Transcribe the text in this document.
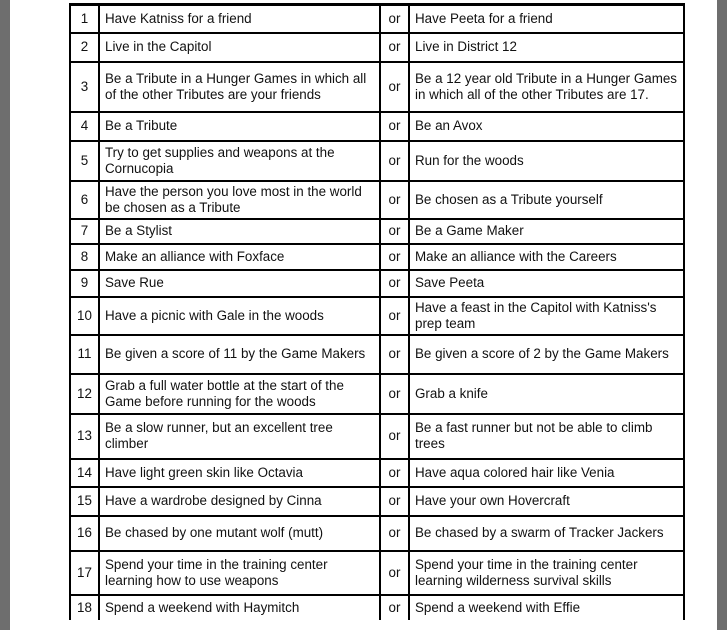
1	Have Katniss for a friend	or	Have Peeta for a friend
2	Live in the Capitol	or	Live in District 12
3	Be a Tribute in a Hunger Games in which all of the other Tributes are your friends	or	Be a 12 year old Tribute in a Hunger Games in which all of the other Tributes are 17.
4	Be a Tribute	or	Be an Avox
5	Try to get supplies and weapons at the Cornucopia	or	Run for the woods
6	Have the person you love most in the world be chosen as a Tribute	or	Be chosen as a Tribute yourself
7	Be a Stylist	or	Be a Game Maker
8	Make an alliance with Foxface	or	Make an alliance with the Careers
9	Save Rue	or	Save Peeta
10	Have a picnic with Gale in the woods	or	Have a feast in the Capitol with Katniss's prep team
11	Be given a score of 11 by the Game Makers	or	Be given a score of 2 by the Game Makers
12	Grab a full water bottle at the start of the Game before running for the woods	or	Grab a knife
13	Be a slow runner, but an excellent tree climber	or	Be a fast runner but not be able to climb trees
14	Have light green skin like Octavia	or	Have aqua colored hair like Venia
15	Have a wardrobe designed by Cinna	or	Have your own Hovercraft
16	Be chased by one mutant wolf (mutt)	or	Be chased by a swarm of Tracker Jackers
17	Spend your time in the training center learning how to use weapons	or	Spend your time in the training center learning wilderness survival skills
18	Spend a weekend with Haymitch	or	Spend a weekend with Effie
